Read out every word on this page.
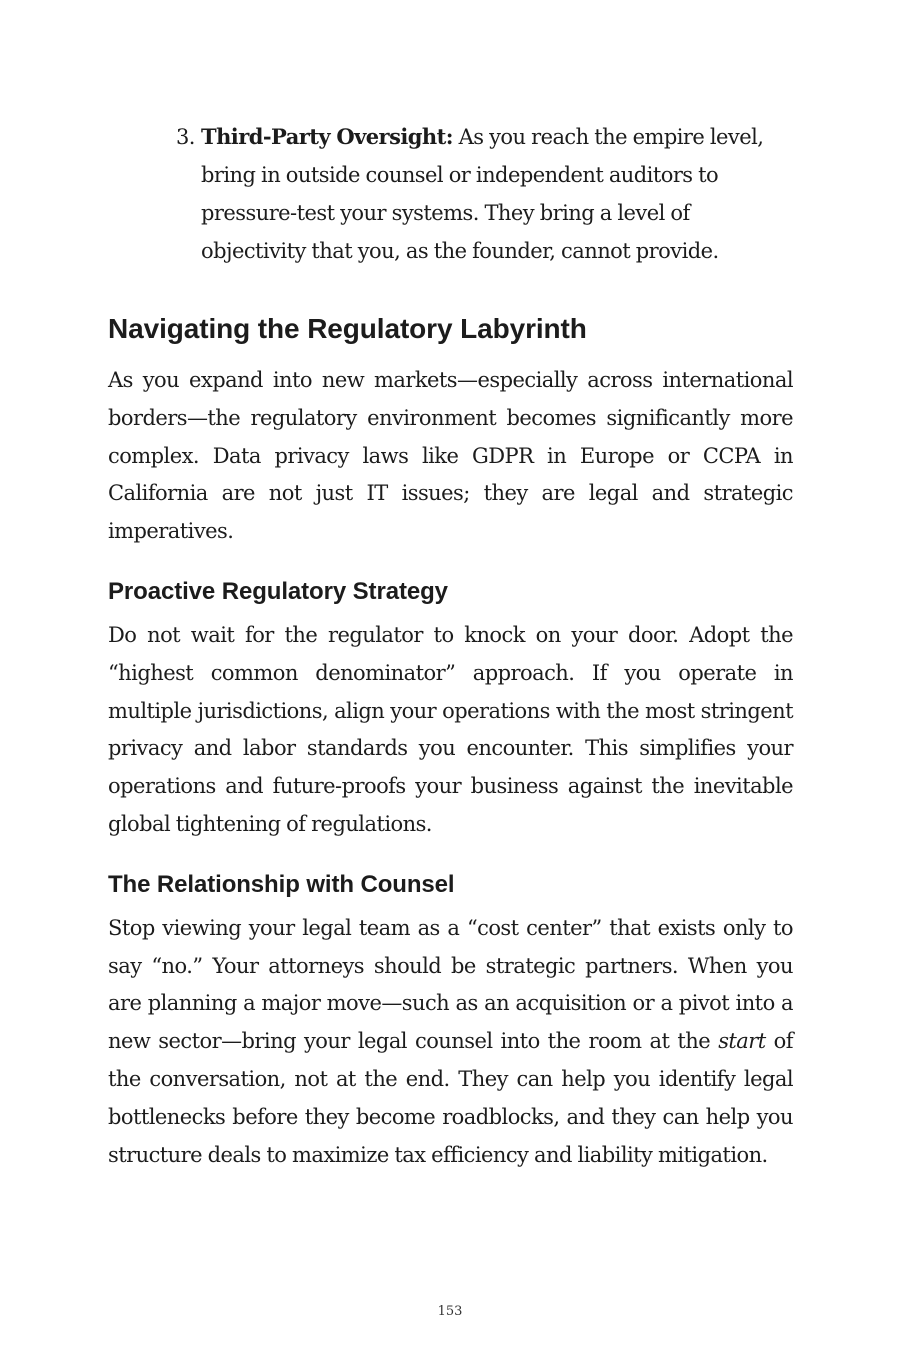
3. Third-Party Oversight: As you reach the empire level, bring in outside counsel or independent auditors to pressure-test your systems. They bring a level of objectivity that you, as the founder, cannot provide.
Navigating the Regulatory Labyrinth

As you expand into new markets—especially across international borders—the regulatory environment becomes significantly more complex. Data privacy laws like GDPR in Europe or CCPA in California are not just IT issues; they are legal and strategic imperatives.

Proactive Regulatory Strategy

Do not wait for the regulator to knock on your door. Adopt the “highest common denominator” approach. If you operate in multiple jurisdictions, align your operations with the most stringent privacy and labor standards you encounter. This simplifies your operations and future-proofs your business against the inevitable global tightening of regulations.

The Relationship with Counsel

Stop viewing your legal team as a “cost center” that exists only to say “no.” Your attorneys should be strategic partners. When you are planning a major move—such as an acquisition or a pivot into a new sector—bring your legal counsel into the room at the start of the conversation, not at the end. They can help you identify legal bottlenecks before they become roadblocks, and they can help you structure deals to maximize tax efficiency and liability mitigation.

153
